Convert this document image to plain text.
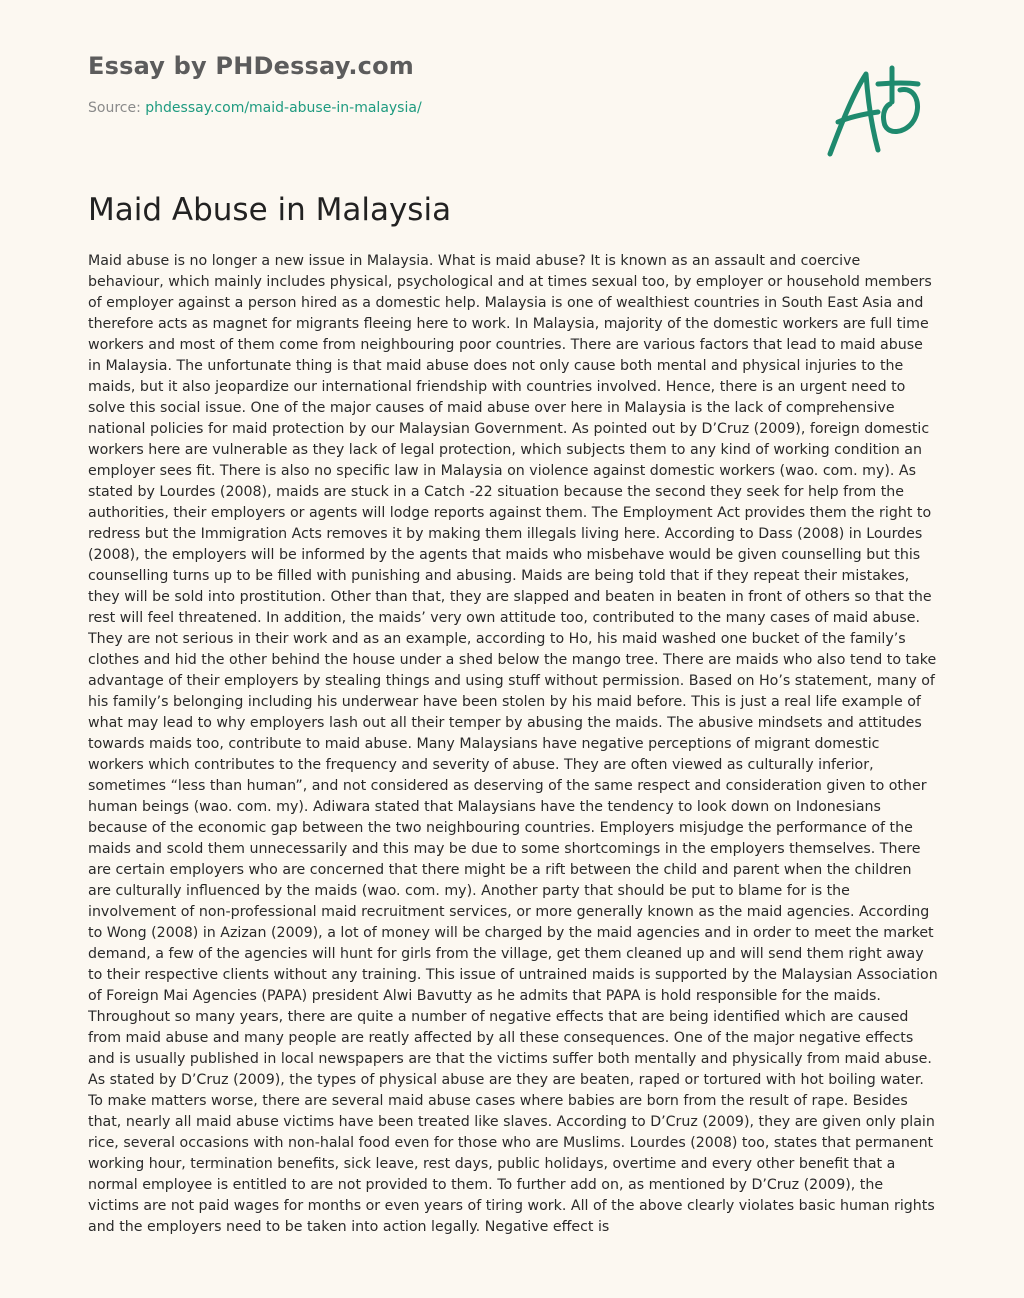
Essay by PHDessay.com

Source: phdessay.com/maid-abuse-in-malaysia/
Maid Abuse in Malaysia

Maid abuse is no longer a new issue in Malaysia. What is maid abuse? It is known as an assault and coercive behaviour, which mainly includes physical, psychological and at times sexual too, by employer or household members of employer against a person hired as a domestic help. Malaysia is one of wealthiest countries in South East Asia and therefore acts as magnet for migrants fleeing here to work. In Malaysia, majority of the domestic workers are full time workers and most of them come from neighbouring poor countries. There are various factors that lead to maid abuse in Malaysia. The unfortunate thing is that maid abuse does not only cause both mental and physical injuries to the maids, but it also jeopardize our international friendship with countries involved. Hence, there is an urgent need to solve this social issue. One of the major causes of maid abuse over here in Malaysia is the lack of comprehensive national policies for maid protection by our Malaysian Government. As pointed out by D’Cruz (2009), foreign domestic workers here are vulnerable as they lack of legal protection, which subjects them to any kind of working condition an employer sees fit. There is also no specific law in Malaysia on violence against domestic workers (wao. com. my). As stated by Lourdes (2008), maids are stuck in a Catch -22 situation because the second they seek for help from the authorities, their employers or agents will lodge reports against them. The Employment Act provides them the right to redress but the Immigration Acts removes it by making them illegals living here. According to Dass (2008) in Lourdes (2008), the employers will be informed by the agents that maids who misbehave would be given counselling but this counselling turns up to be filled with punishing and abusing. Maids are being told that if they repeat their mistakes, they will be sold into prostitution. Other than that, they are slapped and beaten in beaten in front of others so that the rest will feel threatened. In addition, the maids’ very own attitude too, contributed to the many cases of maid abuse. They are not serious in their work and as an example, according to Ho, his maid washed one bucket of the family’s clothes and hid the other behind the house under a shed below the mango tree. There are maids who also tend to take advantage of their employers by stealing things and using stuff without permission. Based on Ho’s statement, many of his family’s belonging including his underwear have been stolen by his maid before. This is just a real life example of what may lead to why employers lash out all their temper by abusing the maids. The abusive mindsets and attitudes towards maids too, contribute to maid abuse. Many Malaysians have negative perceptions of migrant domestic workers which contributes to the frequency and severity of abuse. They are often viewed as culturally inferior, sometimes “less than human”, and not considered as deserving of the same respect and consideration given to other human beings (wao. com. my). Adiwara stated that Malaysians have the tendency to look down on Indonesians because of the economic gap between the two neighbouring countries. Employers misjudge the performance of the maids and scold them unnecessarily and this may be due to some shortcomings in the employers themselves. There are certain employers who are concerned that there might be a rift between the child and parent when the children are culturally influenced by the maids (wao. com. my). Another party that should be put to blame for is the involvement of non-professional maid recruitment services, or more generally known as the maid agencies. According to Wong (2008) in Azizan (2009), a lot of money will be charged by the maid agencies and in order to meet the market demand, a few of the agencies will hunt for girls from the village, get them cleaned up and will send them right away to their respective clients without any training. This issue of untrained maids is supported by the Malaysian Association of Foreign Mai Agencies (PAPA) president Alwi Bavutty as he admits that PAPA is hold responsible for the maids. Throughout so many years, there are quite a number of negative effects that are being identified which are caused from maid abuse and many people are reatly affected by all these consequences. One of the major negative effects and is usually published in local newspapers are that the victims suffer both mentally and physically from maid abuse. As stated by D’Cruz (2009), the types of physical abuse are they are beaten, raped or tortured with hot boiling water. To make matters worse, there are several maid abuse cases where babies are born from the result of rape. Besides that, nearly all maid abuse victims have been treated like slaves. According to D’Cruz (2009), they are given only plain rice, several occasions with non-halal food even for those who are Muslims. Lourdes (2008) too, states that permanent working hour, termination benefits, sick leave, rest days, public holidays, overtime and every other benefit that a normal employee is entitled to are not provided to them. To further add on, as mentioned by D’Cruz (2009), the victims are not paid wages for months or even years of tiring work. All of the above clearly violates basic human rights and the employers need to be taken into action legally. Negative effect is
